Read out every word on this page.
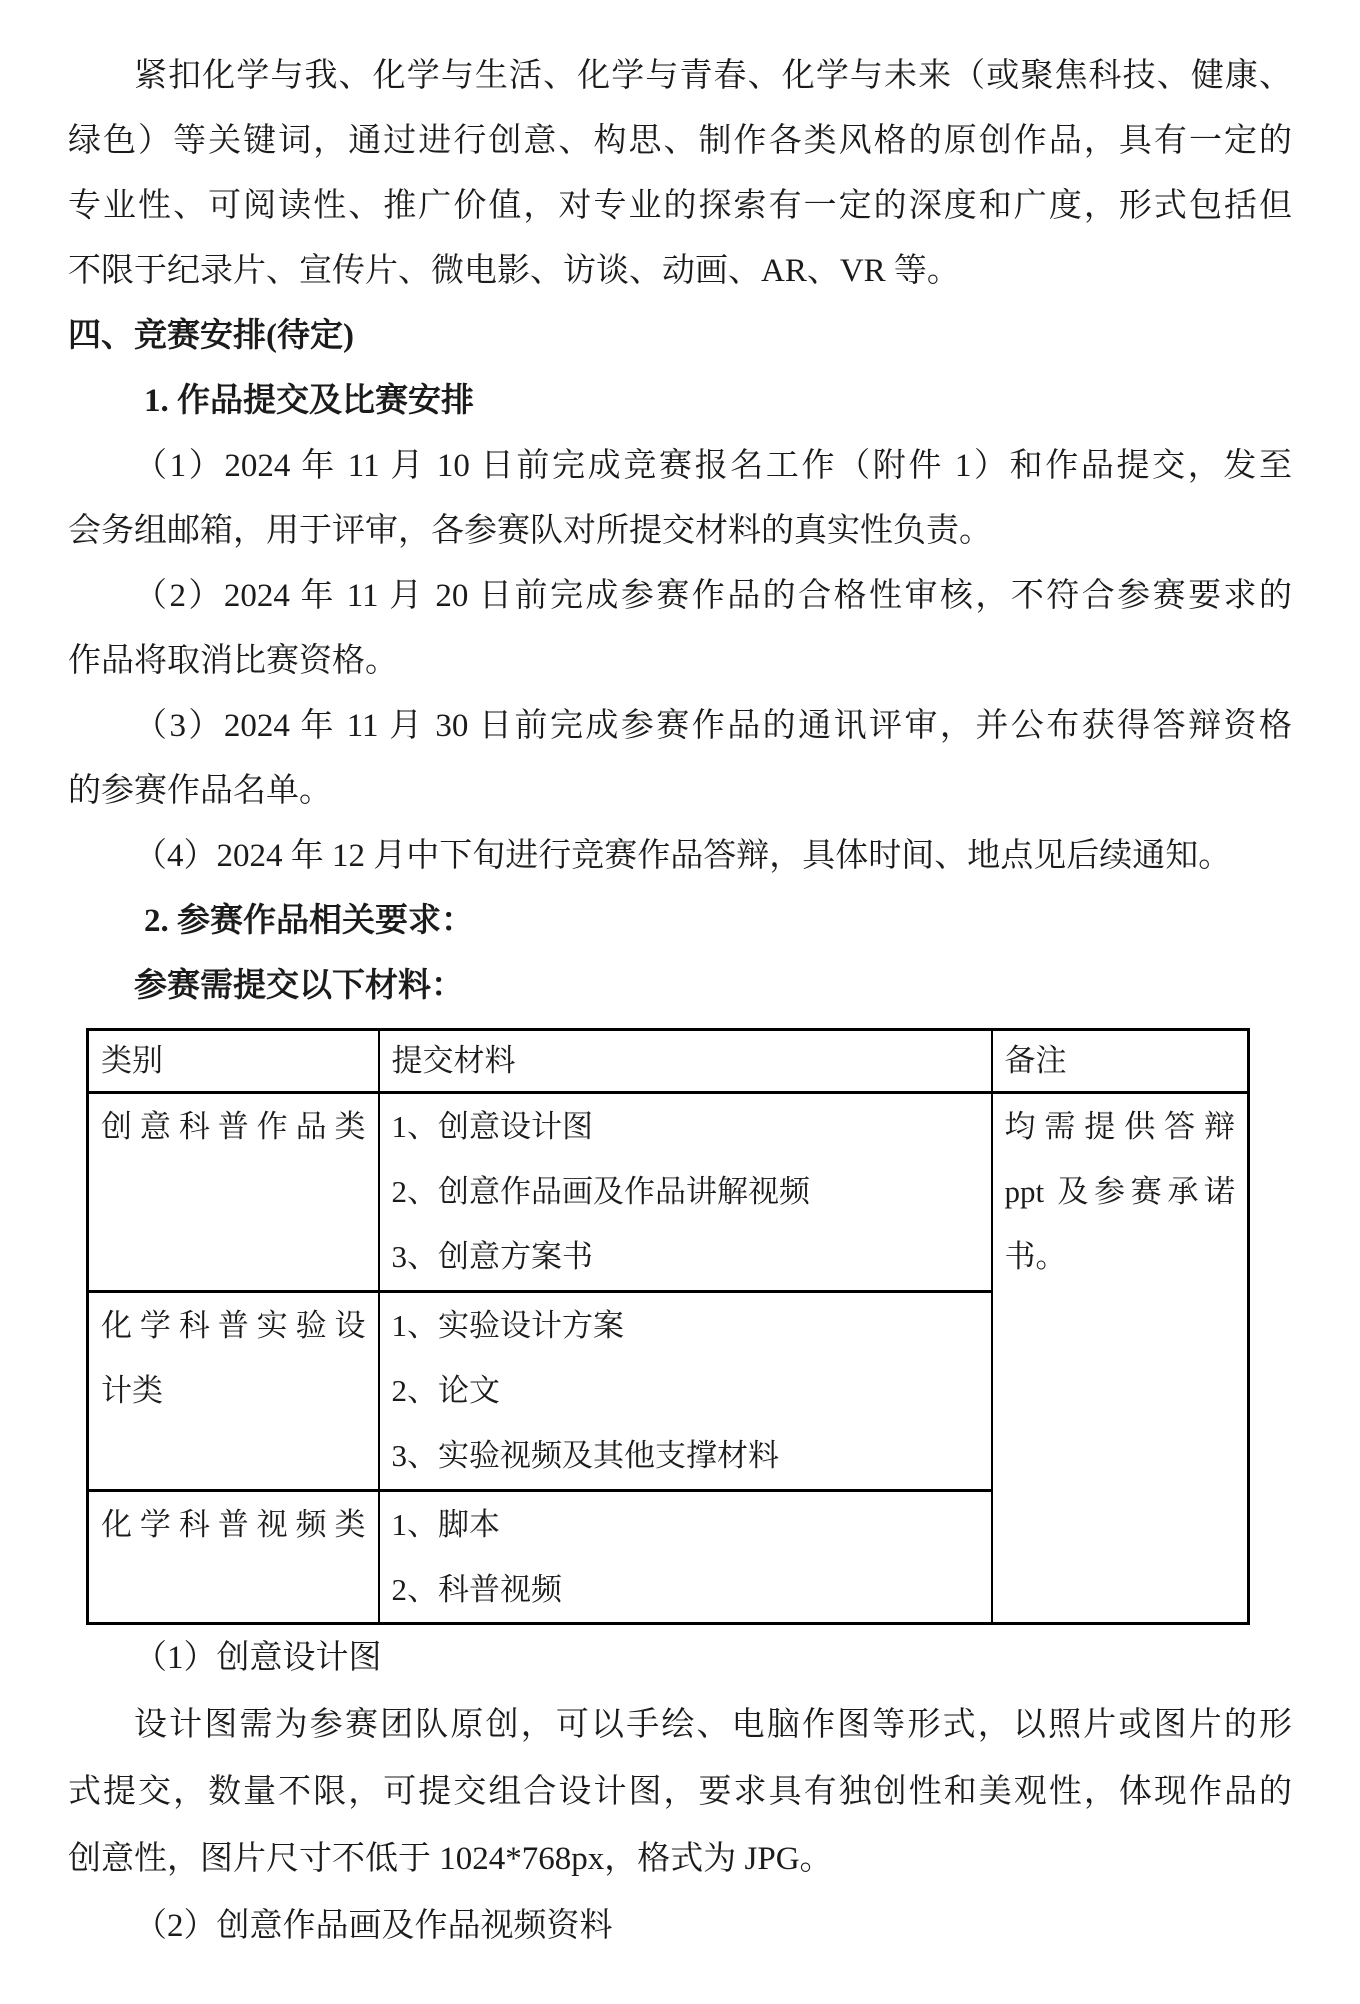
紧扣化学与我、化学与生活、化学与青春、化学与未来（或聚焦科技、健康、
绿色）等关键词，通过进行创意、构思、制作各类风格的原创作品，具有一定的
专业性、可阅读性、推广价值，对专业的探索有一定的深度和广度，形式包括但
不限于纪录片、宣传片、微电影、访谈、动画、AR、VR 等。
四、竞赛安排(待定)
1. 作品提交及比赛安排
（1）2024 年 11 月 10 日前完成竞赛报名工作（附件 1）和作品提交，发至
会务组邮箱，用于评审，各参赛队对所提交材料的真实性负责。
（2）2024 年 11 月 20 日前完成参赛作品的合格性审核，不符合参赛要求的
作品将取消比赛资格。
（3）2024 年 11 月 30 日前完成参赛作品的通讯评审，并公布获得答辩资格
的参赛作品名单。
（4）2024 年 12 月中下旬进行竞赛作品答辩，具体时间、地点见后续通知。
2. 参赛作品相关要求：
参赛需提交以下材料：
类别	提交材料	备注

创意科普作品类	1、创意设计图
2、创意作品画及作品讲解视频
3、创意方案书	均需提供答辩
ppt 及参赛承诺
书。

化学科普实验设
计类	1、实验设计方案
2、论文
3、实验视频及其他支撑材料	

化学科普视频类	1、脚本
2、科普视频	
（1）创意设计图
设计图需为参赛团队原创，可以手绘、电脑作图等形式，以照片或图片的形
式提交，数量不限，可提交组合设计图，要求具有独创性和美观性，体现作品的
创意性，图片尺寸不低于 1024*768px，格式为 JPG。
（2）创意作品画及作品视频资料
